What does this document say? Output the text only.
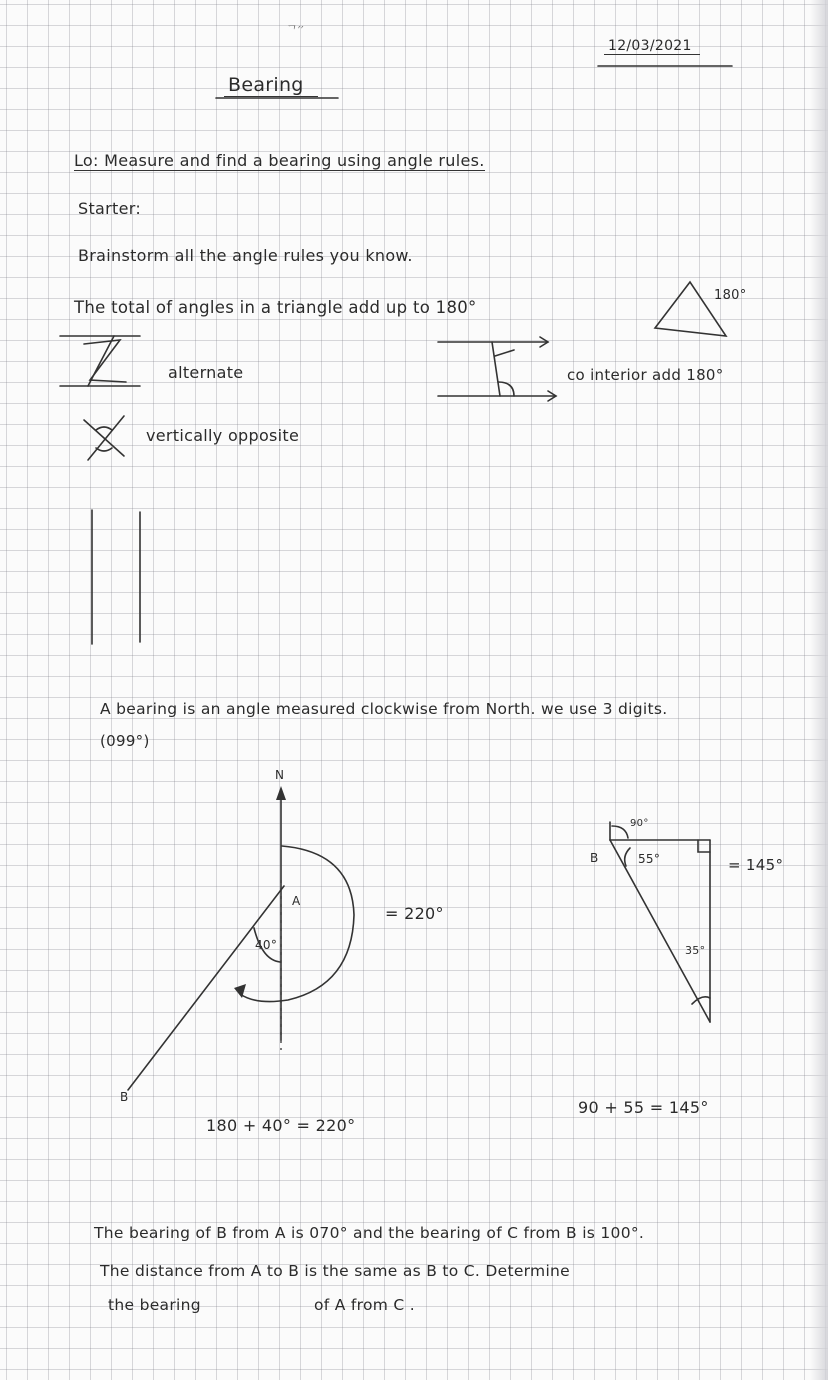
ᄀ′′
12/03/2021
Bearing
Lo: Measure and find a bearing using angle rules.
Starter:
Brainstorm all the angle rules you know.
The total of angles in a triangle add up to 180°
180°
alternate	co interior add 180°
vertically opposite
A bearing is an angle measured clockwise from North. we use 3 digits.
(099°)
N
A
40°
= 220°
B
180 + 40° = 220°
B
90°
55°	= 145°
35°
90 + 55 = 145°
The bearing of B from A is 070° and the bearing of C from B is 100°.
The distance from A to B is the same as B to C. Determine
the bearing	of A from C .
